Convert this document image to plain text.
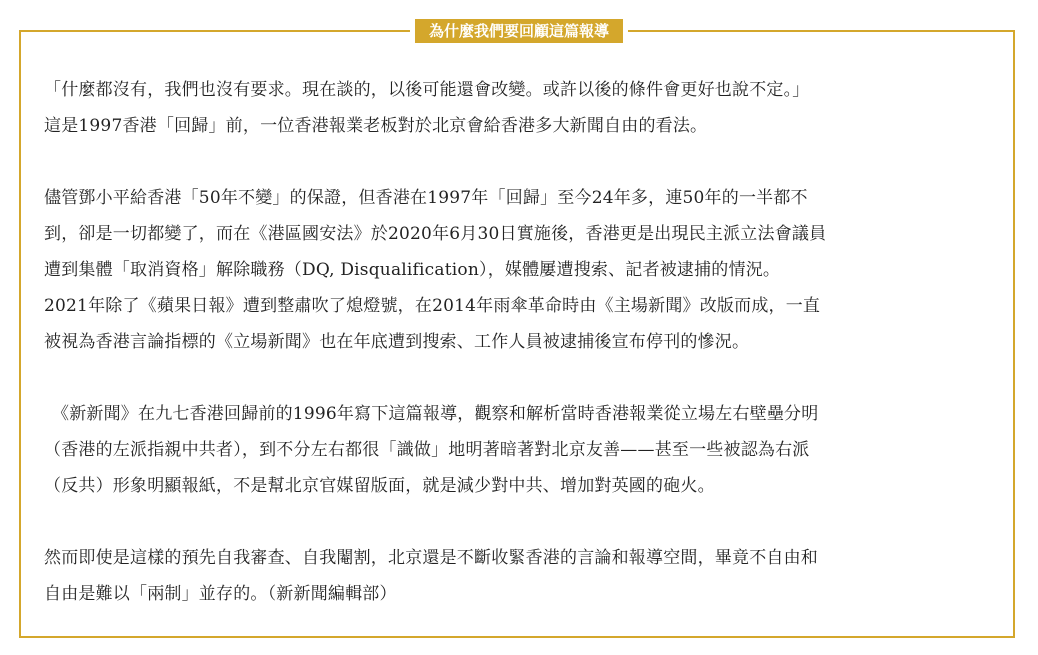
為什麼我們要回顧這篇報導

「什麼都沒有，我們也沒有要求。現在談的，以後可能還會改變。或許以後的條件會更好也說不定。」
這是1997香港「回歸」前，一位香港報業老板對於北京會給香港多大新聞自由的看法。

儘管鄧小平給香港「50年不變」的保證，但香港在1997年「回歸」至今24年多，連50年的一半都不
到，卻是一切都變了，而在《港區國安法》於2020年6月30日實施後，香港更是出現民主派立法會議員
遭到集體「取消資格」解除職務（DQ, Disqualification），媒體屢遭搜索、記者被逮捕的情況。
2021年除了《蘋果日報》遭到整肅吹了熄燈號，在2014年雨傘革命時由《主場新聞》改版而成，一直
被視為香港言論指標的《立場新聞》也在年底遭到搜索、工作人員被逮捕後宣布停刊的慘況。

《新新聞》在九七香港回歸前的1996年寫下這篇報導，觀察和解析當時香港報業從立場左右壁壘分明
（香港的左派指親中共者），到不分左右都很「識做」地明著暗著對北京友善——甚至一些被認為右派
（反共）形象明顯報紙，不是幫北京官媒留版面，就是減少對中共、增加對英國的砲火。

然而即使是這樣的預先自我審查、自我閹割，北京還是不斷收緊香港的言論和報導空間，畢竟不自由和
自由是難以「兩制」並存的。（新新聞編輯部）
